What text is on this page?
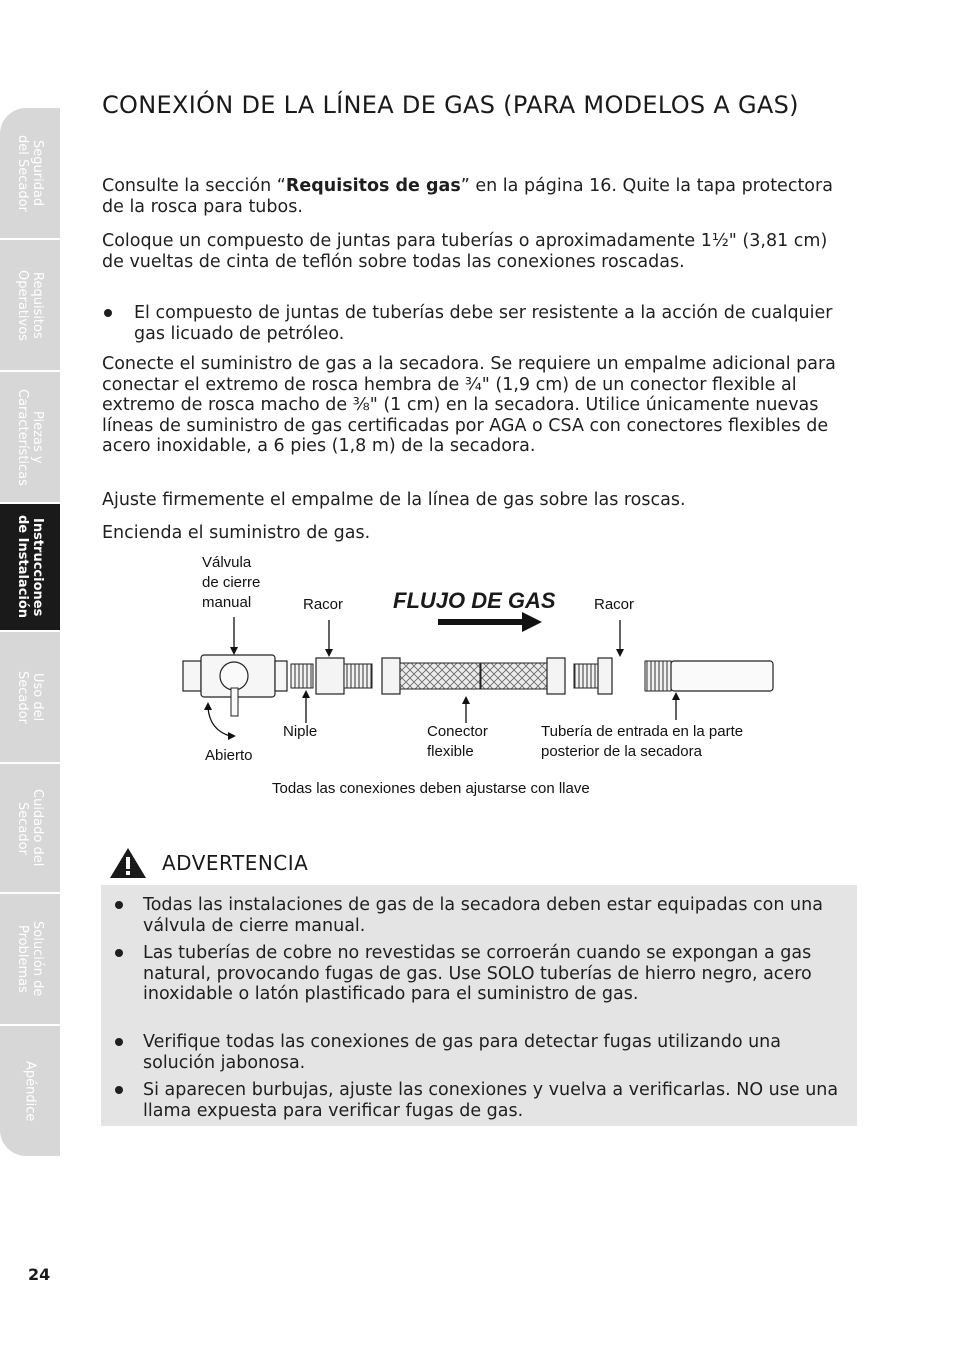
Seguridad
del Secador
Requisitos
Operativos
Piezas y
Características
Instrucciones
de Instalación
Uso del
Secador
Cuidado del
Secador
Solución de
Problemas
Apéndice
CONEXIÓN DE LA LÍNEA DE GAS (PARA MODELOS A GAS)

Consulte la sección “Requisitos de gas” en la página 16. Quite la tapa protectora de la rosca para tubos.

Coloque un compuesto de juntas para tuberías o aproximadamente 1½" (3,81 cm) de vueltas de cinta de teflón sobre todas las conexiones roscadas.

El compuesto de juntas de tuberías debe ser resistente a la acción de cualquier gas licuado de petróleo.

Conecte el suministro de gas a la secadora. Se requiere un empalme adicional para conectar el extremo de rosca hembra de ¾" (1,9 cm) de un conector flexible al extremo de rosca macho de ⅜" (1 cm) en la secadora. Utilice únicamente nuevas líneas de suministro de gas certificadas por AGA o CSA con conectores flexibles de acero inoxidable, a 6 pies (1,8 m) de la secadora.

Ajuste firmemente el empalme de la línea de gas sobre las roscas.

Encienda el suministro de gas.

Válvula
de cierre
manual	Racor FLUJO DE GAS	Racor
Niple	Conector
flexible
Tubería de entrada en la parte
posterior de la secadora
Abierto
Todas las conexiones deben ajustarse con llave
ADVERTENCIA
Todas las instalaciones de gas de la secadora deben estar equipadas con una válvula de cierre manual.
Las tuberías de cobre no revestidas se corroerán cuando se expongan a gas natural, provocando fugas de gas. Use SOLO tuberías de hierro negro, acero inoxidable o latón plastificado para el suministro de gas.
Verifique todas las conexiones de gas para detectar fugas utilizando una solución jabonosa.
Si aparecen burbujas, ajuste las conexiones y vuelva a verificarlas. NO use una llama expuesta para verificar fugas de gas.
24
